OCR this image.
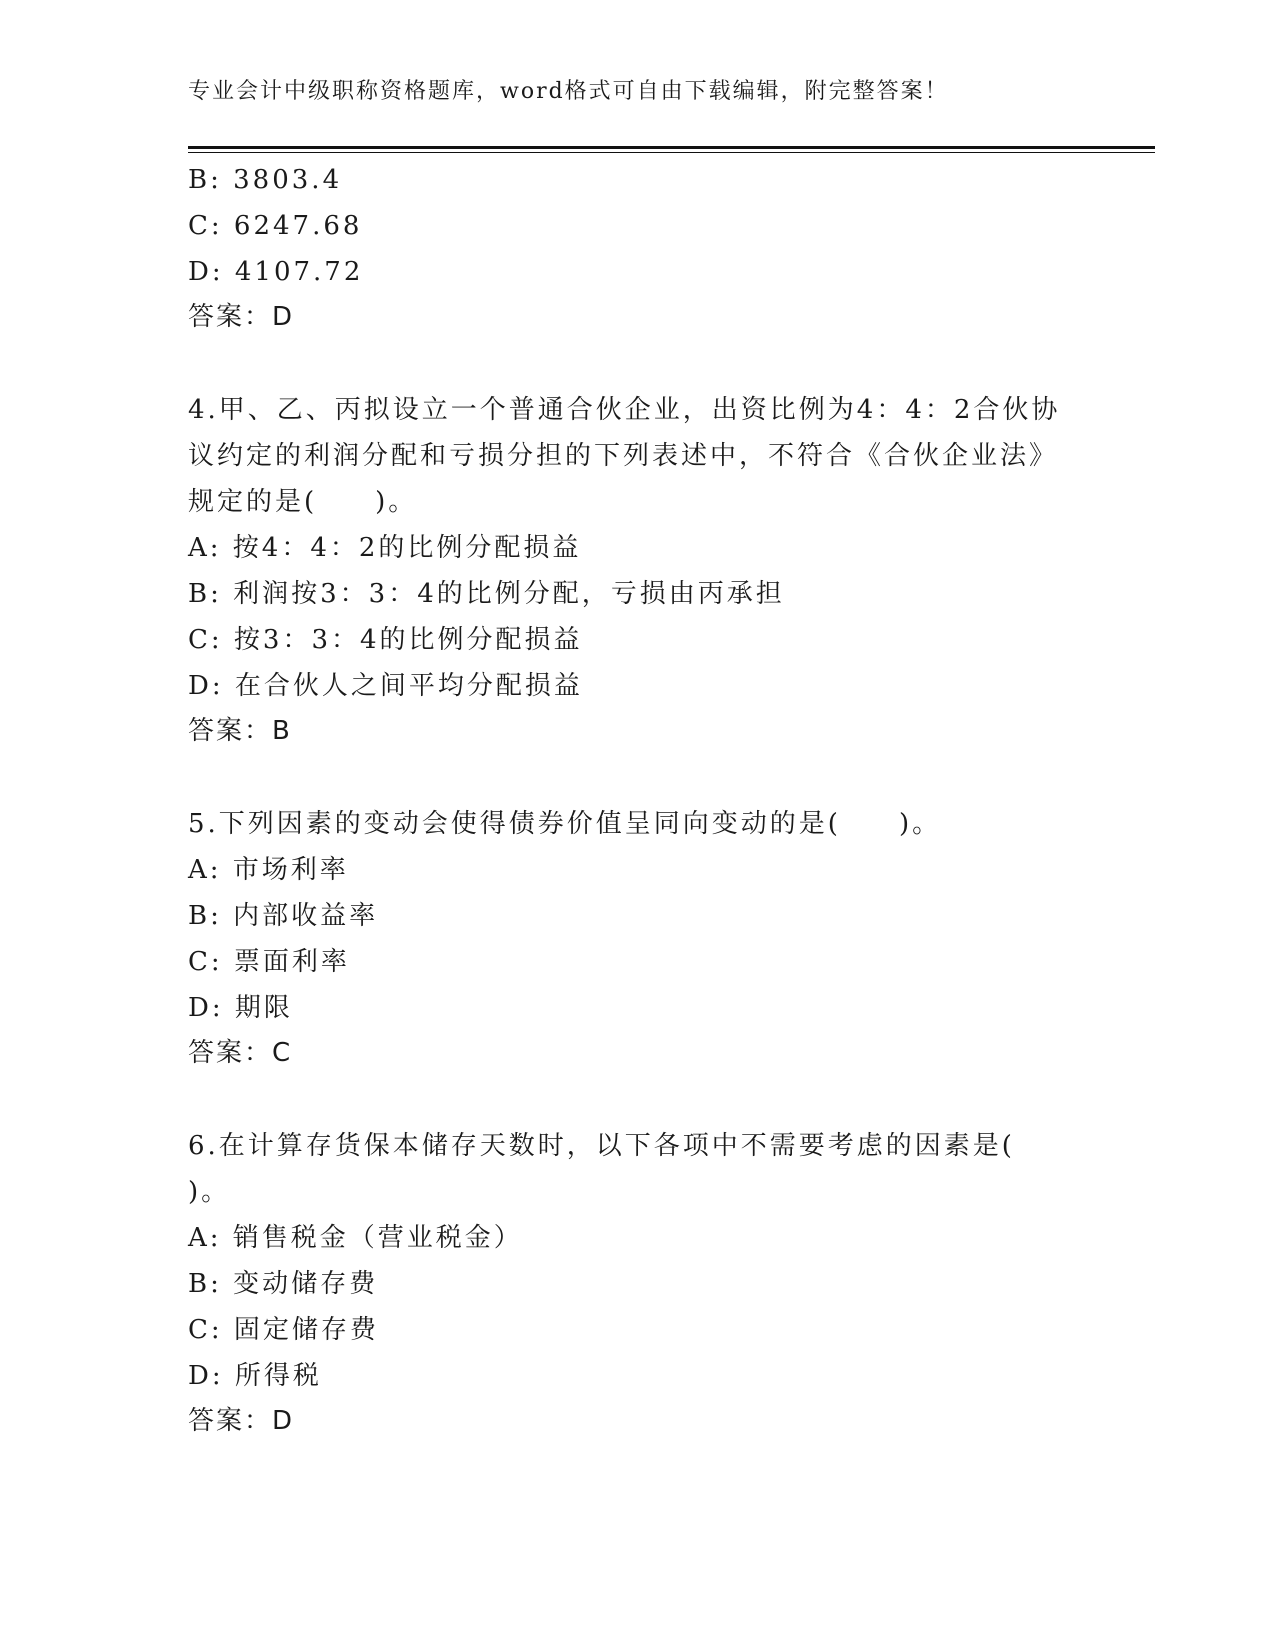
专业会计中级职称资格题库，word格式可自由下载编辑，附完整答案！
B: 3803.4
C: 6247.68
D: 4107.72
答案：D
4.甲、乙、丙拟设立一个普通合伙企业，出资比例为4：4：2合伙协
议约定的利润分配和亏损分担的下列表述中，不符合《合伙企业法》
规定的是(　　)。
A: 按4：4：2的比例分配损益
B: 利润按3：3：4的比例分配，亏损由丙承担
C: 按3：3：4的比例分配损益
D: 在合伙人之间平均分配损益
答案：B
5.下列因素的变动会使得债券价值呈同向变动的是(　　)。
A: 市场利率
B: 内部收益率
C: 票面利率
D: 期限
答案：C
6.在计算存货保本储存天数时，以下各项中不需要考虑的因素是(
)。
A: 销售税金（营业税金）
B: 变动储存费
C: 固定储存费
D: 所得税
答案：D
